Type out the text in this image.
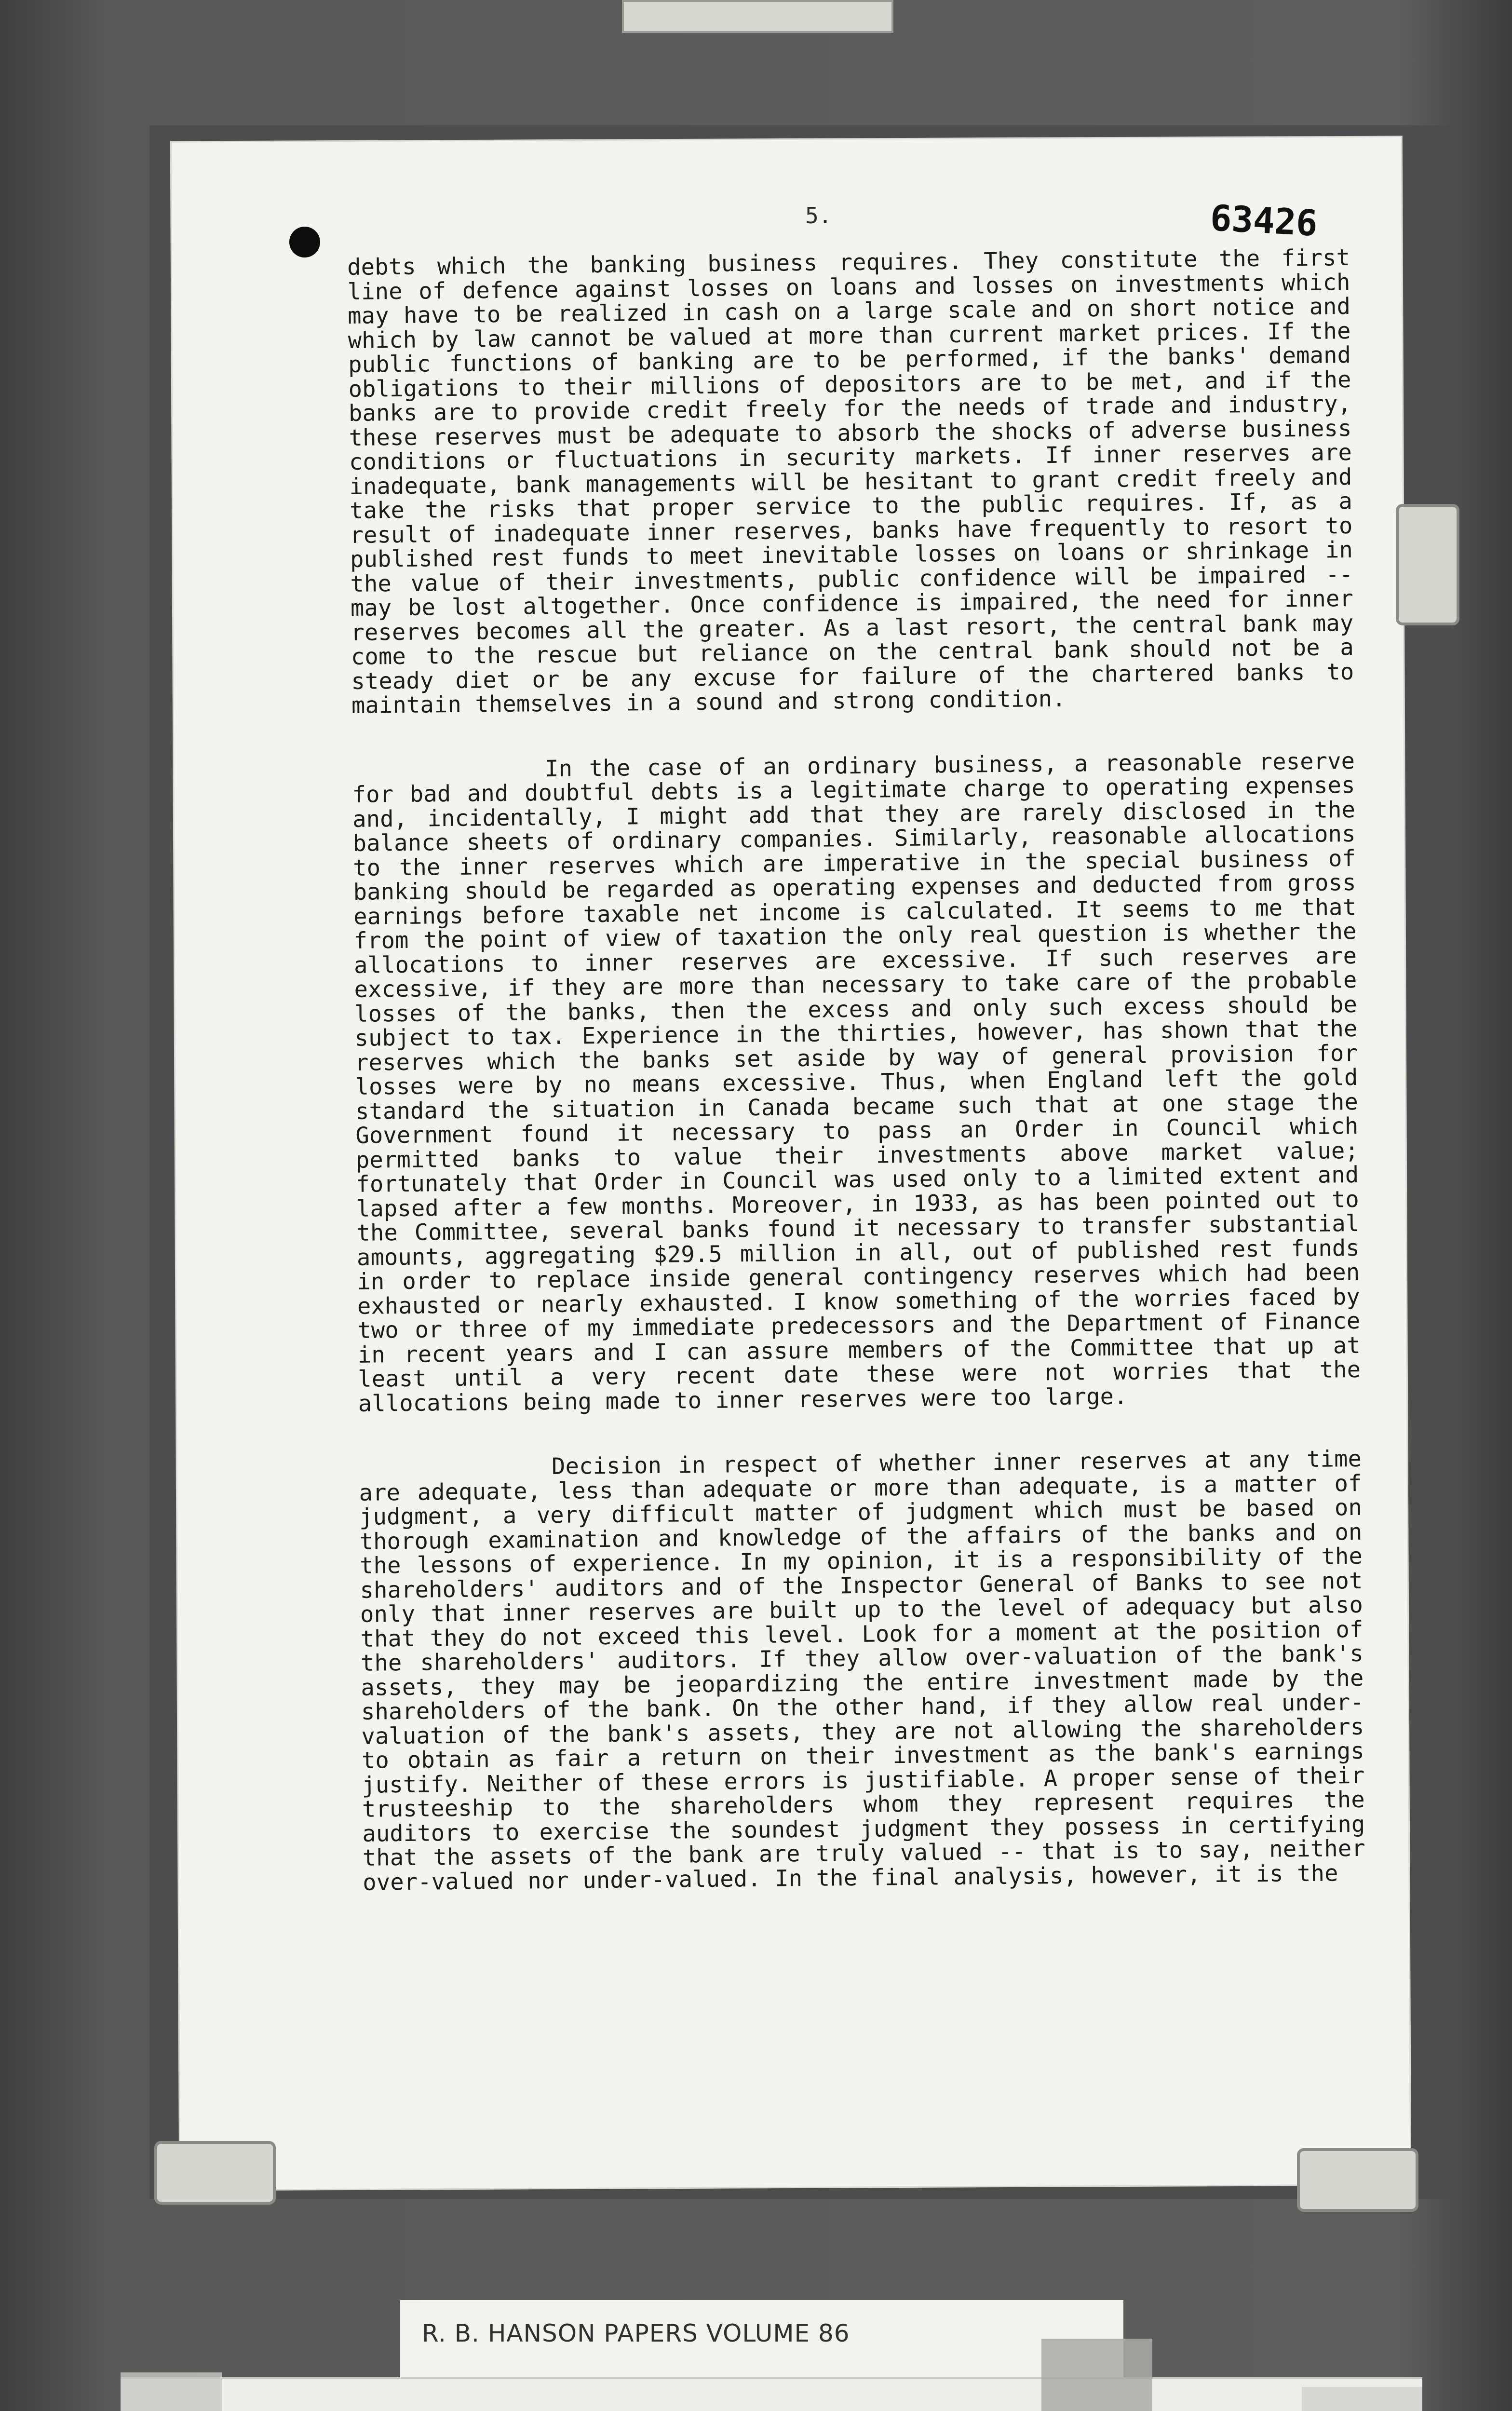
5.	63426

debts which the banking business requires. They constitute the first line of defence against losses on loans and losses on investments which may have to be realized in cash on a large scale and on short notice and which by law cannot be valued at more than current market prices. If the public functions of banking are to be performed, if the banks' demand obligations to their millions of depositors are to be met, and if the banks are to provide credit freely for the needs of trade and industry, these reserves must be adequate to absorb the shocks of adverse business conditions or fluctuations in security markets. If inner reserves are inadequate, bank managements will be hesitant to grant credit freely and take the risks that proper service to the public requires. If, as a result of inadequate inner reserves, banks have frequently to resort to published rest funds to meet inevitable losses on loans or shrinkage in the value of their investments, public confidence will be impaired -- may be lost altogether. Once confidence is impaired, the need for inner reserves becomes all the greater. As a last resort, the central bank may come to the rescue but reliance on the central bank should not be a steady diet or be any excuse for failure of the chartered banks to maintain themselves in a sound and strong condition.

In the case of an ordinary business, a reasonable reserve for bad and doubtful debts is a legitimate charge to operating expenses and, incidentally, I might add that they are rarely disclosed in the balance sheets of ordinary companies. Similarly, reasonable allocations to the inner reserves which are imperative in the special business of banking should be regarded as operating expenses and deducted from gross earnings before taxable net income is calculated. It seems to me that from the point of view of taxation the only real question is whether the allocations to inner reserves are excessive. If such reserves are excessive, if they are more than necessary to take care of the probable losses of the banks, then the excess and only such excess should be subject to tax. Experience in the thirties, however, has shown that the reserves which the banks set aside by way of general provision for losses were by no means excessive. Thus, when England left the gold standard the situation in Canada became such that at one stage the Government found it necessary to pass an Order in Council which permitted banks to value their investments above market value; fortunately that Order in Council was used only to a limited extent and lapsed after a few months. Moreover, in 1933, as has been pointed out to the Committee, several banks found it necessary to transfer substantial amounts, aggregating $29.5 million in all, out of published rest funds in order to replace inside general contingency reserves which had been exhausted or nearly exhausted. I know something of the worries faced by two or three of my immediate predecessors and the Department of Finance in recent years and I can assure members of the Committee that up at least until a very recent date these were not worries that the allocations being made to inner reserves were too large.

Decision in respect of whether inner reserves at any time are adequate, less than adequate or more than adequate, is a matter of judgment, a very difficult matter of judgment which must be based on thorough examination and knowledge of the affairs of the banks and on the lessons of experience. In my opinion, it is a responsibility of the shareholders' auditors and of the Inspector General of Banks to see not only that inner reserves are built up to the level of adequacy but also that they do not exceed this level. Look for a moment at the position of the shareholders' auditors. If they allow over-valuation of the bank's assets, they may be jeopardizing the entire investment made by the shareholders of the bank. On the other hand, if they allow real under-valuation of the bank's assets, they are not allowing the shareholders to obtain as fair a return on their investment as the bank's earnings justify. Neither of these errors is justifiable. A proper sense of their trusteeship to the shareholders whom they represent requires the auditors to exercise the soundest judgment they possess in certifying that the assets of the bank are truly valued -- that is to say, neither over-valued nor under-valued. In the final analysis, however, it is the

R. B. HANSON PAPERS VOLUME 86
